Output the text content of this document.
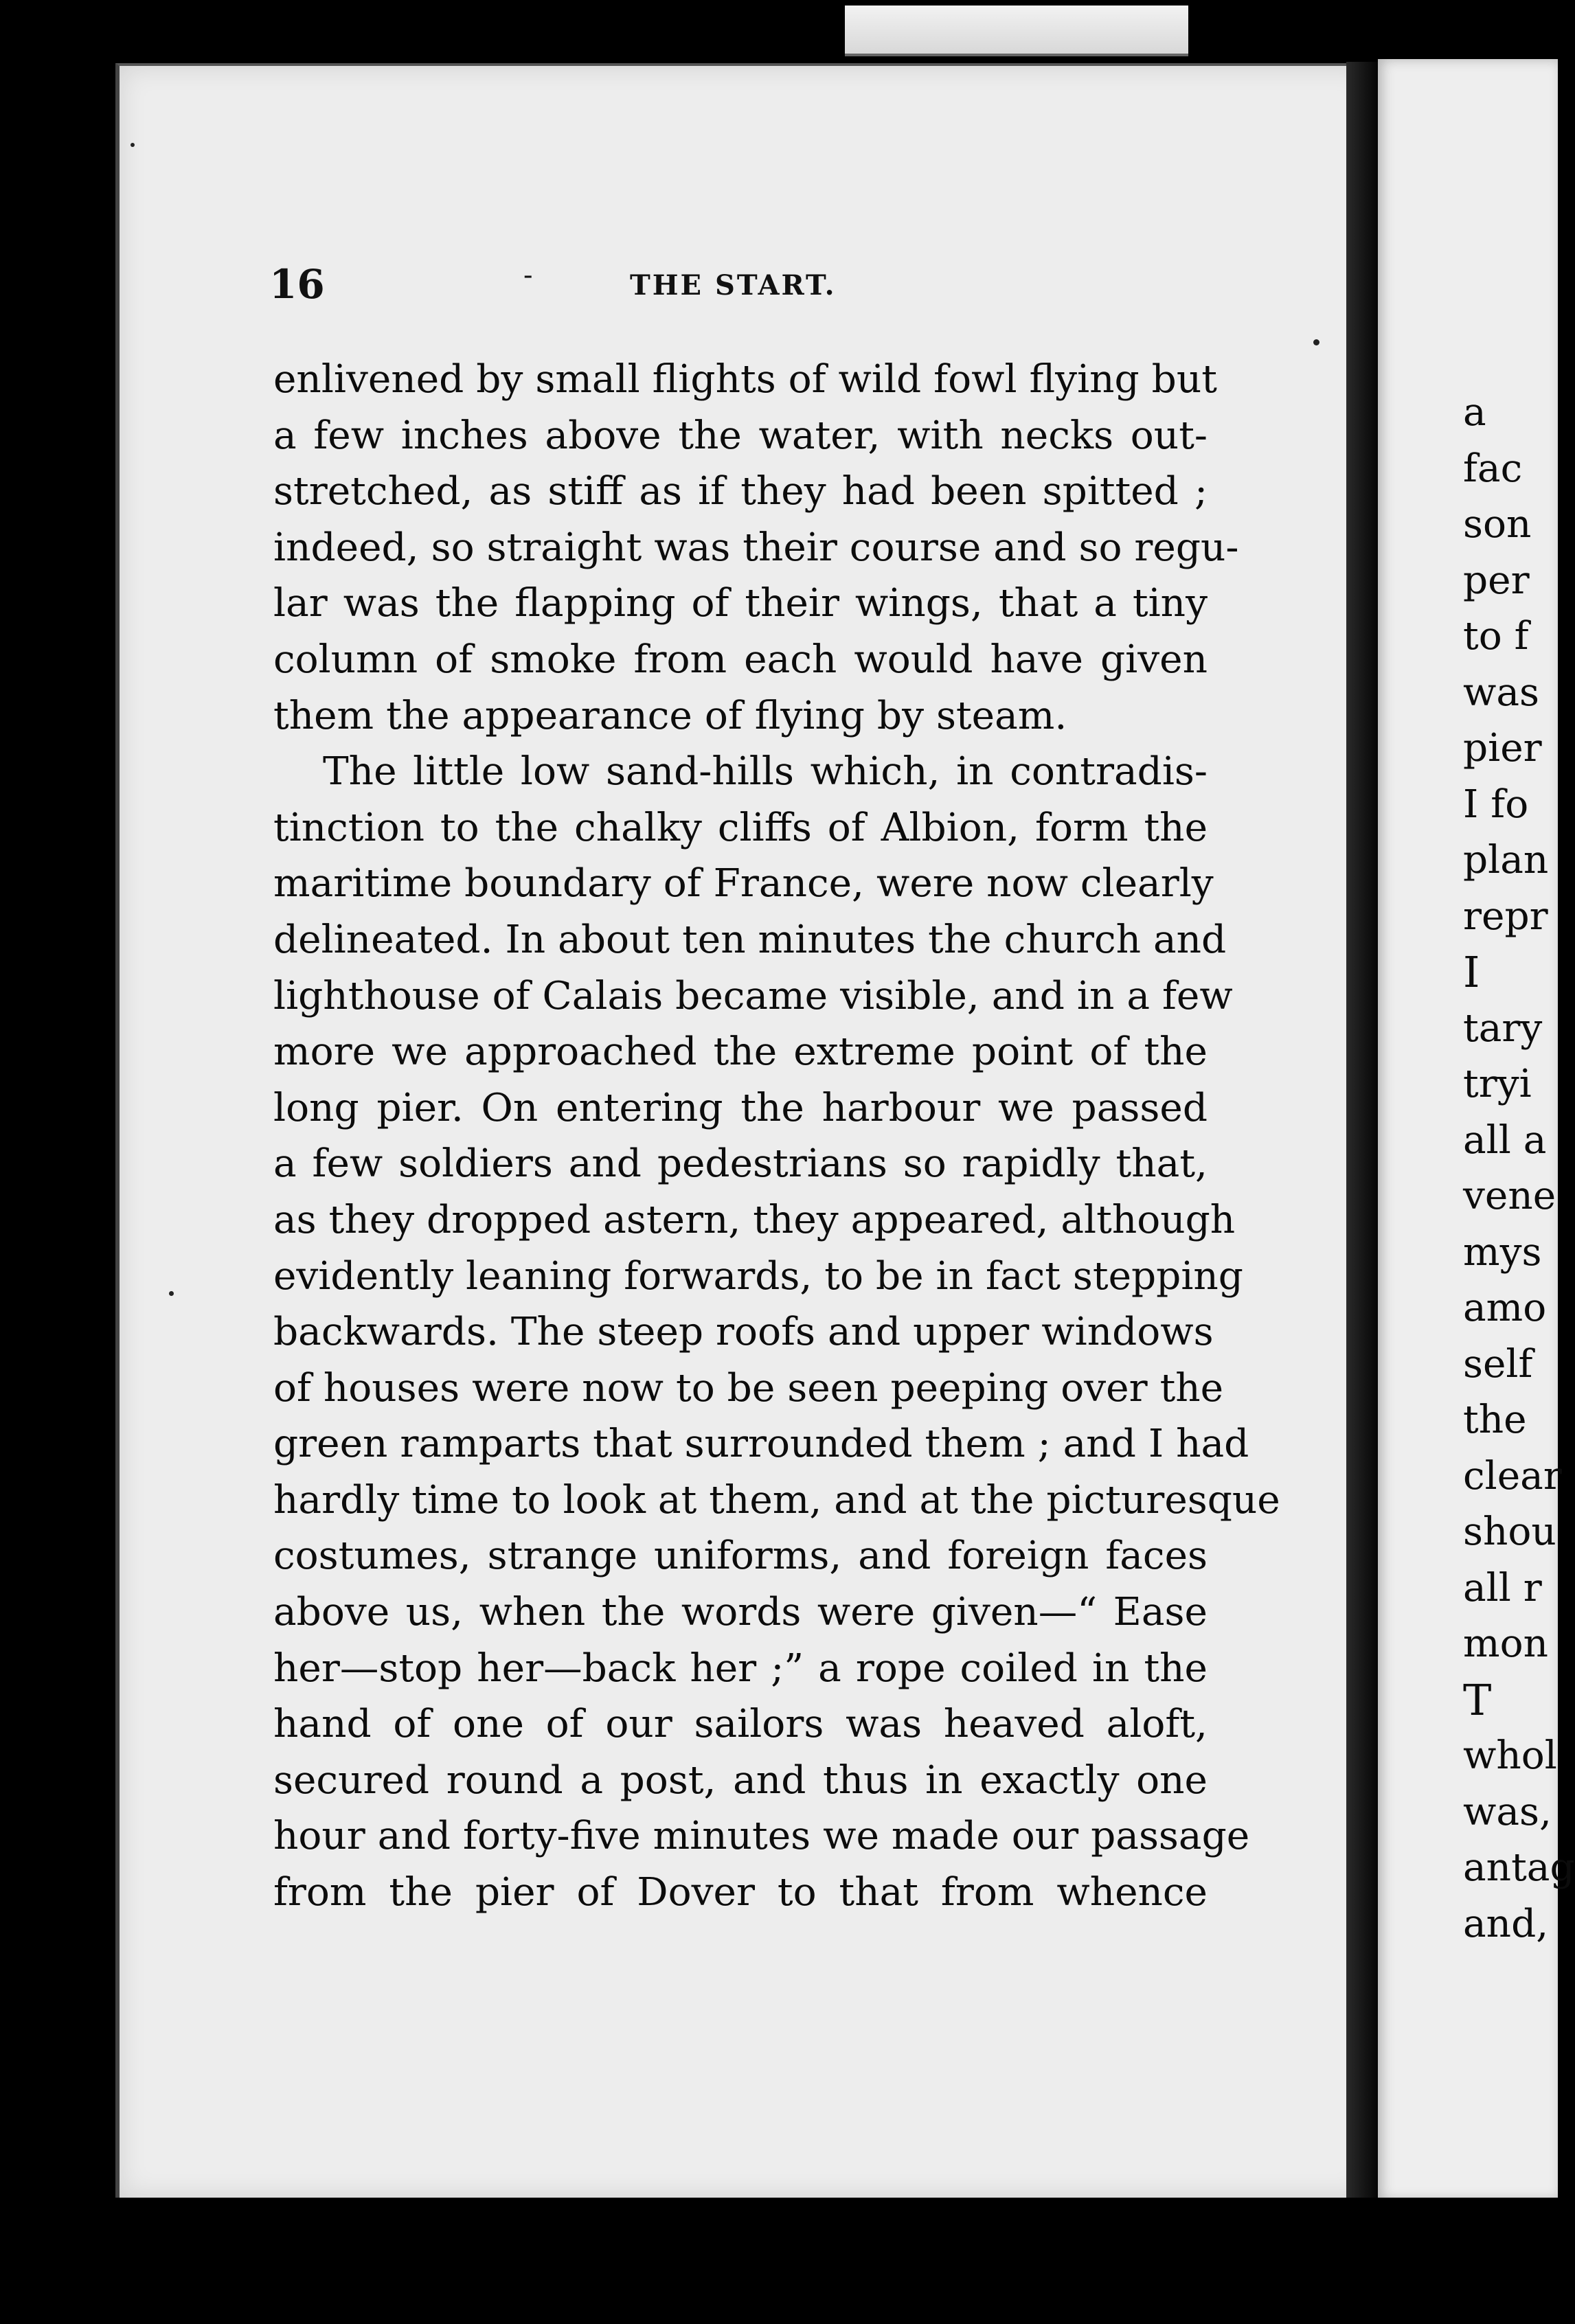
16	-	THE START.
enlivened by small flights of wild fowl flying but
a few inches above the water, with necks out-
stretched, as stiff as if they had been spitted ;
indeed, so straight was their course and so regu-
lar was the flapping of their wings, that a tiny
column of smoke from each would have given
them the appearance of flying by steam.
The little low sand-hills which, in contradis-
tinction to the chalky cliffs of Albion, form the
maritime boundary of France, were now clearly
delineated. In about ten minutes the church and
lighthouse of Calais became visible, and in a few
more we approached the extreme point of the
long pier. On entering the harbour we passed
a few soldiers and pedestrians so rapidly that,
as they dropped astern, they appeared, although
evidently leaning forwards, to be in fact stepping
backwards. The steep roofs and upper windows
of houses were now to be seen peeping over the
green ramparts that surrounded them ; and I had
hardly time to look at them, and at the picturesque
costumes, strange uniforms, and foreign faces
above us, when the words were given—“ Ease
her—stop her—back her ;” a rope coiled in the
hand of one of our sailors was heaved aloft,
secured round a post, and thus in exactly one
hour and forty-five minutes we made our passage
from the pier of Dover to that from whence
a
fac
son
per
to f
was
pier
I fo
plan
repr
I
tary
tryi
all a
vene
mys
amo
self
the
clear
shou
all r
mon
T
whol
was,
antag
and,
